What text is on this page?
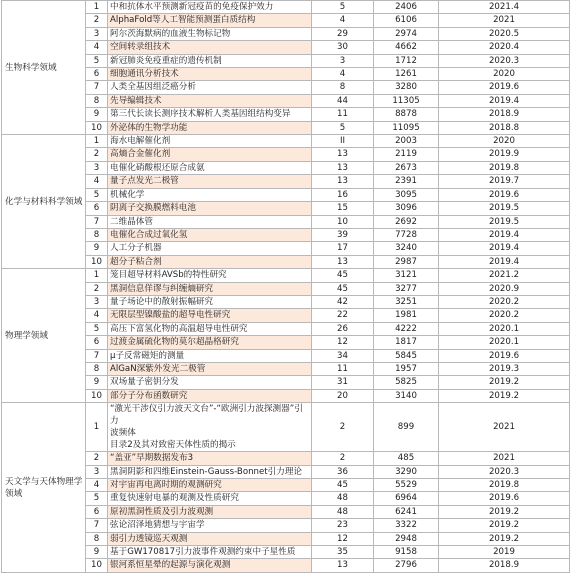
生物科学领域	1	中和抗体水平预测新冠疫苗的免疫保护效力	5	2406	2021.4
	2	AlphaFold等人工智能预测蛋白质结构	4	6106	2021
	3	阿尔茨海默病的血液生物标记物	29	2974	2020.5
	4	空间转录组技术	30	4662	2020.4
	5	新冠肺炎免疫重症的遗传机制	3	1712	2020.3
	6	细胞通讯分析技术	4	1261	2020
	7	人类全基因组泛癌分析	8	3280	2019.6
	8	先导编辑技术	44	11305	2019.4
	9	第三代长读长测序技术解析人类基因组结构变异	11	8878	2018.9
	10	外泌体的生物学功能	5	11095	2018.8
化学与材料科学领域	1	海水电解催化剂	II	2003	2020
	2	高熵合金催化剂	13	2119	2019.9
	3	电催化硝酸根还原合成氨	13	2673	2019.8
	4	量子点发光二极管	13	2391	2019.7
	5	机械化学	16	3095	2019.6
	6	阴离子交换膜燃料电池	15	3096	2019.5
	7	二维晶体管	10	2692	2019.5
	8	电催化合成过氧化氢	39	7728	2019.4
	9	人工分子机器	17	3240	2019.4
	10	超分子粘合剂	13	2987	2019.4
物理学领域	1	笼目超导材料AVSb的特性研究	45	3121	2021.2
	2	黑洞信息佯谬与纠缠熵研究	45	3277	2020.9
	3	量子场论中的散射振幅研究	42	3251	2020.2
	4	无限层型镍酸盐的超导电性研究	22	1981	2020.2
	5	高压下富氢化物的高温超导电性研究	26	4222	2020.1
	6	过渡金属硫化物的莫尔超晶格研究	12	1817	2020.1
	7	μ子反常磁矩的测量	34	5845	2019.6
	8	AlGaN深紫外发光二极管	11	1957	2019.3
	9	双场量子密钥分发	31	5825	2019.2
	10	部分子分布函数研究	20	3140	2019.2
天文学与天体物理学领域	1	“激光干涉仪引力波天文台”-“欧洲引力波探测器”引力
波频体
目录2及其对致密天体性质的揭示	2	899	2021
	2	“盖亚”早期数据发布3	2	485	2021
	3	黑洞阴影和四维Einstein-Gauss-Bonnet引力理论	36	3290	2020.3
	4	对宇宙再电离时期的观测研究	45	5529	2019.8
	5	重复快速射电暴的观测及性质研究	48	6964	2019.6
	6	原初黑洞性质及引力波观测	48	6241	2019.2
	7	弦论沼泽地猜想与宇宙学	23	3322	2019.2
	8	弱引力透镜巡天观测	12	2948	2019.2
	9	基于GW170817引力波事件观测约束中子星性质	35	9158	2019
	10	银河系恒星晕的起源与演化观测	13	2796	2018.9
